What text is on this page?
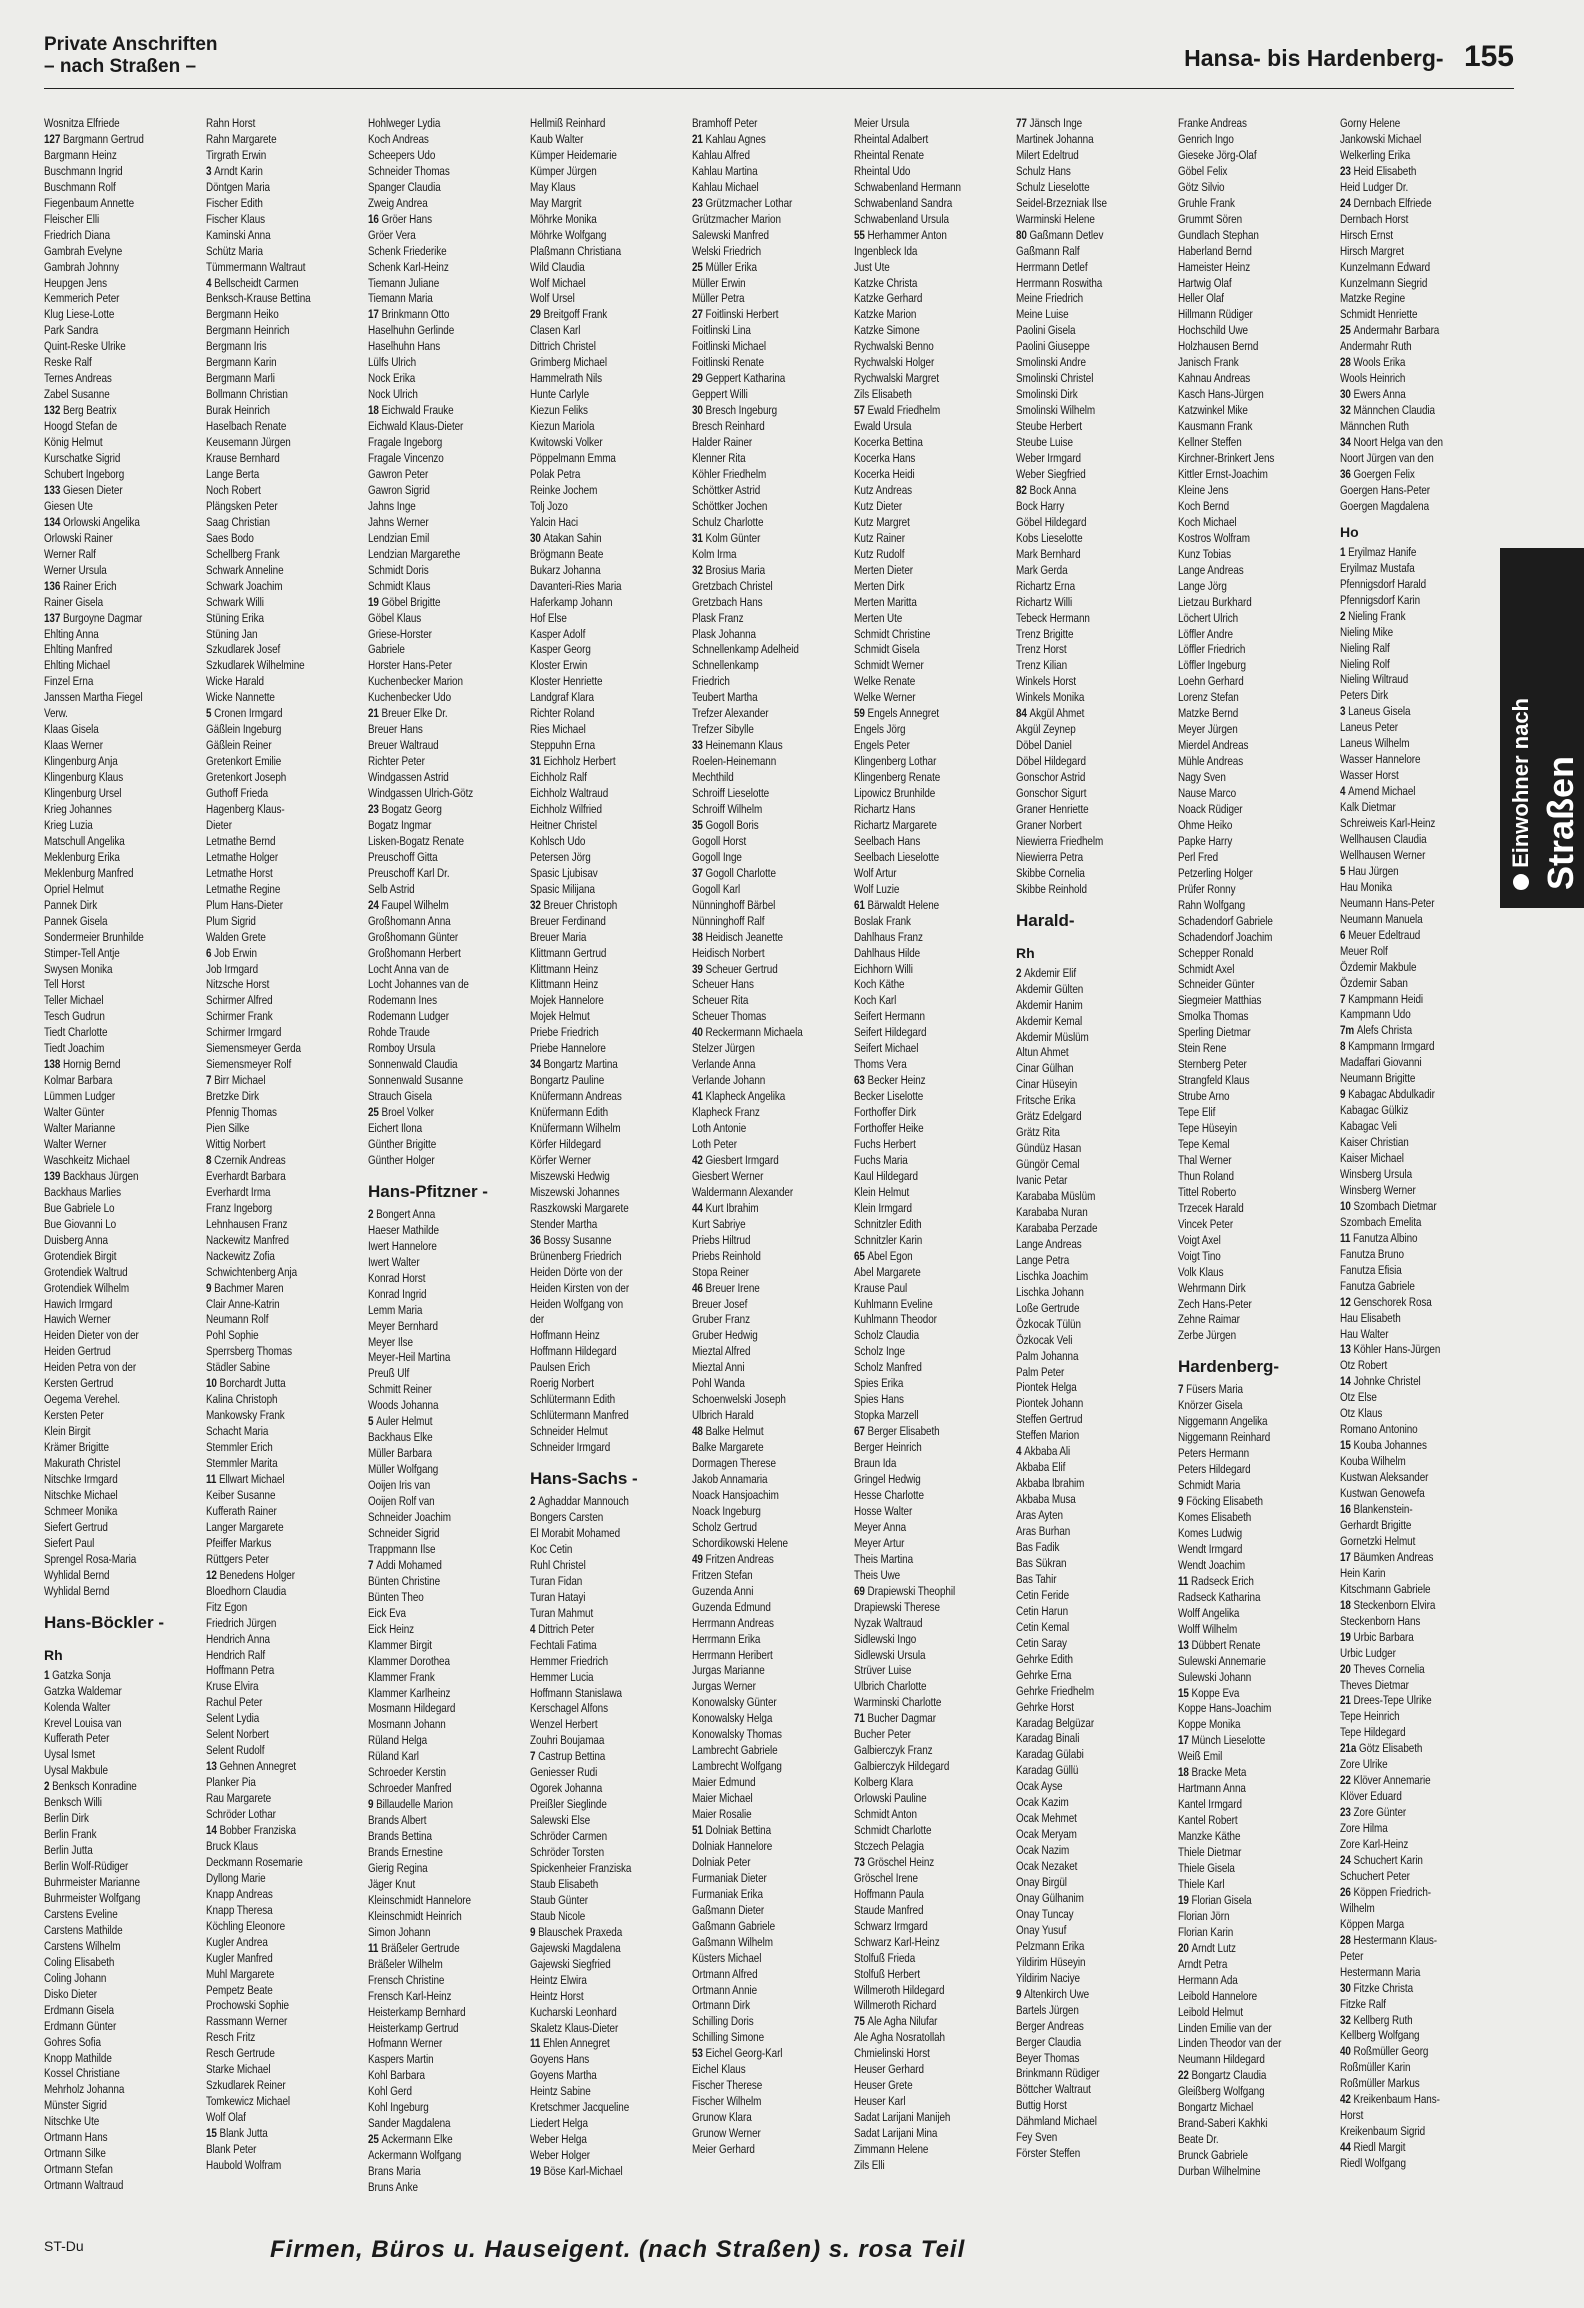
Private Anschriften
– nach Straßen –	Hansa- bis Hardenberg- 155
Wosnitza Elfriede
127 Bargmann Gertrud
Bargmann Heinz
Buschmann Ingrid
Buschmann Rolf
Fiegenbaum Annette
Fleischer Elli
Friedrich Diana
Gambrah Evelyne
Gambrah Johnny
Heupgen Jens
Kemmerich Peter
Klug Liese-Lotte
Park Sandra
Quint-Reske Ulrike
Reske Ralf
Ternes Andreas
Zabel Susanne
132 Berg Beatrix
Hoogd Stefan de
König Helmut
Kurschatke Sigrid
Schubert Ingeborg
133 Giesen Dieter
Giesen Ute
134 Orlowski Angelika
Orlowski Rainer
Werner Ralf
Werner Ursula
136 Rainer Erich
Rainer Gisela
137 Burgoyne Dagmar
Ehlting Anna
Ehlting Manfred
Ehlting Michael
Finzel Erna
Janssen Martha Fiegel
Verw.
Klaas Gisela
Klaas Werner
Klingenburg Anja
Klingenburg Klaus
Klingenburg Ursel
Krieg Johannes
Krieg Luzia
Matschull Angelika
Meklenburg Erika
Meklenburg Manfred
Opriel Helmut
Pannek Dirk
Pannek Gisela
Sondermeier Brunhilde
Stimper-Tell Antje
Swysen Monika
Tell Horst
Teller Michael
Tesch Gudrun
Tiedt Charlotte
Tiedt Joachim
138 Hornig Bernd
Kolmar Barbara
Lümmen Ludger
Walter Günter
Walter Marianne
Walter Werner
Waschkeitz Michael
139 Backhaus Jürgen
Backhaus Marlies
Bue Gabriele Lo
Bue Giovanni Lo
Duisberg Anna
Grotendiek Birgit
Grotendiek Waltrud
Grotendiek Wilhelm
Hawich Irmgard
Hawich Werner
Heiden Dieter von der
Heiden Gertrud
Heiden Petra von der
Kersten Gertrud
Oegema Verehel.
Kersten Peter
Klein Birgit
Krämer Brigitte
Makurath Christel
Nitschke Irmgard
Nitschke Michael
Schmeer Monika
Siefert Gertrud
Siefert Paul
Sprengel Rosa-Maria
Wyhlidal Bernd
Wyhlidal Bernd
Hans-Böckler -
Rh
1 Gatzka Sonja
Gatzka Waldemar
Kolenda Walter
Krevel Louisa van
Kufferath Peter
Uysal Ismet
Uysal Makbule
2 Benksch Konradine
Benksch Willi
Berlin Dirk
Berlin Frank
Berlin Jutta
Berlin Wolf-Rüdiger
Buhrmeister Marianne
Buhrmeister Wolfgang
Carstens Eveline
Carstens Mathilde
Carstens Wilhelm
Coling Elisabeth
Coling Johann
Disko Dieter
Erdmann Gisela
Erdmann Günter
Gohres Sofia
Knopp Mathilde
Kossel Christiane
Mehrholz Johanna
Münster Sigrid
Nitschke Ute
Ortmann Hans
Ortmann Silke
Ortmann Stefan
Ortmann Waltraud
Rahn Horst
Rahn Margarete
Tirgrath Erwin
3 Arndt Karin
Döntgen Maria
Fischer Edith
Fischer Klaus
Kaminski Anna
Schütz Maria
Tümmermann Waltraut
4 Bellscheidt Carmen
Benksch-Krause Bettina
Bergmann Heiko
Bergmann Heinrich
Bergmann Iris
Bergmann Karin
Bergmann Marli
Bollmann Christian
Burak Heinrich
Haselbach Renate
Keusemann Jürgen
Krause Bernhard
Lange Berta
Noch Robert
Plängsken Peter
Saag Christian
Saes Bodo
Schellberg Frank
Schwark Anneline
Schwark Joachim
Schwark Willi
Stüning Erika
Stüning Jan
Szkudlarek Josef
Szkudlarek Wilhelmine
Wicke Harald
Wicke Nannette
5 Cronen Irmgard
Gäßlein Ingeburg
Gäßlein Reiner
Gretenkort Emilie
Gretenkort Joseph
Guthoff Frieda
Hagenberg Klaus-
Dieter
Letmathe Bernd
Letmathe Holger
Letmathe Horst
Letmathe Regine
Plum Hans-Dieter
Plum Sigrid
Walden Grete
6 Job Erwin
Job Irmgard
Nitzsche Horst
Schirmer Alfred
Schirmer Frank
Schirmer Irmgard
Siemensmeyer Gerda
Siemensmeyer Rolf
7 Birr Michael
Bretzke Dirk
Pfennig Thomas
Pien Silke
Wittig Norbert
8 Czernik Andreas
Everhardt Barbara
Everhardt Irma
Franz Ingeborg
Lehnhausen Franz
Nackewitz Manfred
Nackewitz Zofia
Schwichtenberg Anja
9 Bachmer Maren
Clair Anne-Katrin
Neumann Rolf
Pohl Sophie
Sperrsberg Thomas
Städler Sabine
10 Borchardt Jutta
Kalina Christoph
Mankowsky Frank
Schacht Maria
Stemmler Erich
Stemmler Marita
11 Ellwart Michael
Keiber Susanne
Kufferath Rainer
Langer Margarete
Pfeiffer Markus
Rüttgers Peter
12 Benedens Holger
Bloedhorn Claudia
Fitz Egon
Friedrich Jürgen
Hendrich Anna
Hendrich Ralf
Hoffmann Petra
Kruse Elvira
Rachul Peter
Selent Lydia
Selent Norbert
Selent Rudolf
13 Gehnen Annegret
Planker Pia
Rau Margarete
Schröder Lothar
14 Bobber Franziska
Bruck Klaus
Deckmann Rosemarie
Dyllong Marie
Knapp Andreas
Knapp Theresa
Köchling Eleonore
Kugler Andrea
Kugler Manfred
Muhl Margarete
Pempetz Beate
Prochowski Sophie
Rassmann Werner
Resch Fritz
Resch Gertrude
Starke Michael
Szkudlarek Reiner
Tomkewicz Michael
Wolf Olaf
15 Blank Jutta
Blank Peter
Haubold Wolfram
Hohlweger Lydia
Koch Andreas
Scheepers Udo
Schneider Thomas
Spanger Claudia
Zweig Andrea
16 Gröer Hans
Gröer Vera
Schenk Friederike
Schenk Karl-Heinz
Tiemann Juliane
Tiemann Maria
17 Brinkmann Otto
Haselhuhn Gerlinde
Haselhuhn Hans
Lülfs Ulrich
Nock Erika
Nock Ulrich
18 Eichwald Frauke
Eichwald Klaus-Dieter
Fragale Ingeborg
Fragale Vincenzo
Gawron Peter
Gawron Sigrid
Jahns Inge
Jahns Werner
Lendzian Emil
Lendzian Margarethe
Schmidt Doris
Schmidt Klaus
19 Göbel Brigitte
Göbel Klaus
Griese-Horster
Gabriele
Horster Hans-Peter
Kuchenbecker Marion
Kuchenbecker Udo
21 Breuer Elke Dr.
Breuer Hans
Breuer Waltraud
Richter Peter
Windgassen Astrid
Windgassen Ulrich-Götz
23 Bogatz Georg
Bogatz Ingmar
Lisken-Bogatz Renate
Preuschoff Gitta
Preuschoff Karl Dr.
Selb Astrid
24 Faupel Wilhelm
Großhomann Anna
Großhomann Günter
Großhomann Herbert
Locht Anna van de
Locht Johannes van de
Rodemann Ines
Rodemann Ludger
Rohde Traude
Romboy Ursula
Sonnenwald Claudia
Sonnenwald Susanne
Strauch Gisela
25 Broel Volker
Eichert Ilona
Günther Brigitte
Günther Holger
Hans-Pfitzner -
2 Bongert Anna
Haeser Mathilde
Iwert Hannelore
Iwert Walter
Konrad Horst
Konrad Ingrid
Lemm Maria
Meyer Bernhard
Meyer Ilse
Meyer-Heil Martina
Preuß Ulf
Schmitt Reiner
Woods Johanna
5 Auler Helmut
Backhaus Elke
Müller Barbara
Müller Wolfgang
Ooijen Iris van
Ooijen Rolf van
Schneider Joachim
Schneider Sigrid
Trappmann Ilse
7 Addi Mohamed
Bünten Christine
Bünten Theo
Eick Eva
Eick Heinz
Klammer Birgit
Klammer Dorothea
Klammer Frank
Klammer Karlheinz
Mosmann Hildegard
Mosmann Johann
Rüland Helga
Rüland Karl
Schroeder Kerstin
Schroeder Manfred
9 Billaudelle Marion
Brands Albert
Brands Bettina
Brands Ernestine
Gierig Regina
Jäger Knut
Kleinschmidt Hannelore
Kleinschmidt Heinrich
Simon Johann
11 Bräßeler Gertrude
Bräßeler Wilhelm
Frensch Christine
Frensch Karl-Heinz
Heisterkamp Bernhard
Heisterkamp Gertrud
Hofmann Werner
Kaspers Martin
Kohl Barbara
Kohl Gerd
Kohl Ingeburg
Sander Magdalena
25 Ackermann Elke
Ackermann Wolfgang
Brans Maria
Bruns Anke
Hellmiß Reinhard
Kaub Walter
Kümper Heidemarie
Kümper Jürgen
May Klaus
May Margrit
Möhrke Monika
Möhrke Wolfgang
Plaßmann Christiana
Wild Claudia
Wolf Michael
Wolf Ursel
29 Breitgoff Frank
Clasen Karl
Dittrich Christel
Grimberg Michael
Hammelrath Nils
Hunte Carlyle
Kiezun Feliks
Kiezun Mariola
Kwitowski Volker
Pöppelmann Emma
Polak Petra
Reinke Jochem
Tolj Jozo
Yalcin Haci
30 Atakan Sahin
Brögmann Beate
Bukarz Johanna
Davanteri-Ries Maria
Haferkamp Johann
Hof Else
Kasper Adolf
Kasper Georg
Kloster Erwin
Kloster Henriette
Landgraf Klara
Richter Roland
Ries Michael
Steppuhn Erna
31 Eichholz Herbert
Eichholz Ralf
Eichholz Waltraud
Eichholz Wilfried
Heitner Christel
Kohlsch Udo
Petersen Jörg
Spasic Ljubisav
Spasic Milijana
32 Breuer Christoph
Breuer Ferdinand
Breuer Maria
Klittmann Gertrud
Klittmann Heinz
Klittmann Heinz
Mojek Hannelore
Mojek Helmut
Priebe Friedrich
Priebe Hannelore
34 Bongartz Martina
Bongartz Paulinе
Knüfermann Andreas
Knüfermann Edith
Knüfermann Wilhelm
Körfer Hildegard
Körfer Werner
Miszewski Hedwig
Miszewski Johannes
Raszkowski Margarete
Stender Martha
36 Bossy Susanne
Brünenberg Friedrich
Heiden Dörte von der
Heiden Kirsten von der
Heiden Wolfgang von
der
Hoffmann Heinz
Hoffmann Hildegard
Paulsen Erich
Roerig Norbert
Schlütermann Edith
Schlütermann Manfred
Schneider Helmut
Schneider Irmgard
Hans-Sachs -
2 Aghaddar Mannouch
Bongers Carsten
El Morabit Mohamed
Koc Cetin
Ruhl Christel
Turan Fidan
Turan Hatayi
Turan Mahmut
4 Dittrich Peter
Fechtali Fatima
Hemmer Friedrich
Hemmer Lucia
Hoffmann Stanislawa
Kerschagel Alfons
Wenzel Herbert
Zouhri Boujamaa
7 Castrup Bettina
Geniesser Rudi
Ogorek Johanna
Preißler Sieglinde
Salewski Else
Schröder Carmen
Schröder Torsten
Spickenheier Franziska
Staub Elisabeth
Staub Günter
Staub Nicole
9 Blauschek Praxeda
Gajewski Magdalena
Gajewski Siegfried
Heintz Elwira
Heintz Horst
Kucharski Leonhard
Skaletz Klaus-Dieter
11 Ehlen Annegret
Goyens Hans
Goyens Martha
Heintz Sabine
Kretschmer Jacqueline
Liedert Helga
Weber Helga
Weber Holger
19 Böse Karl-Michael
Bramhoff Peter
21 Kahlau Agnes
Kahlau Alfred
Kahlau Martina
Kahlau Michael
23 Grützmacher Lothar
Grützmacher Marion
Salewski Manfred
Welski Friedrich
25 Müller Erika
Müller Erwin
Müller Petra
27 Foitlinski Herbert
Foitlinski Lina
Foitlinski Michael
Foitlinski Renate
29 Geppert Katharina
Geppert Willi
30 Bresch Ingeburg
Bresch Reinhard
Halder Rainer
Klenner Rita
Köhler Friedhelm
Schöttker Astrid
Schöttker Jochen
Schulz Charlotte
31 Kolm Günter
Kolm Irma
32 Brosius Maria
Gretzbach Christel
Gretzbach Hans
Plask Franz
Plask Johanna
Schnellenkamp Adelheid
Schnellenkamp
Friedrich
Teubert Martha
Trefzer Alexander
Trefzer Sibylle
33 Heinemann Klaus
Roelen-Heinemann
Mechthild
Schroiff Lieselotte
Schroiff Wilhelm
35 Gogoll Boris
Gogoll Horst
Gogoll Inge
37 Gogoll Charlotte
Gogoll Karl
Nünninghoff Bärbel
Nünninghoff Ralf
38 Heidisch Jeanette
Heidisch Norbert
39 Scheuer Gertrud
Scheuer Hans
Scheuer Rita
Scheuer Thomas
40 Reckermann Michaela
Stelzer Jürgen
Verlande Anna
Verlande Johann
41 Klapheck Angelika
Klapheck Franz
Loth Antonie
Loth Peter
42 Giesbert Irmgard
Giesbert Werner
Waldermann Alexander
44 Kurt Ibrahim
Kurt Sabriye
Priebs Hiltrud
Priebs Reinhold
Stopa Reiner
46 Breuer Irene
Breuer Josef
Gruber Franz
Gruber Hedwig
Mieztal Alfred
Mieztal Anni
Pohl Wanda
Schoenwelski Joseph
Ulbrich Harald
48 Balke Helmut
Balke Margarete
Dormagen Therese
Jakob Annamaria
Noack Hansjoachim
Noack Ingeburg
Scholz Gertrud
Schordikowski Helene
49 Fritzen Andreas
Fritzen Stefan
Guzenda Anni
Guzenda Edmund
Herrmann Andreas
Herrmann Erika
Herrmann Heribert
Jurgas Marianne
Jurgas Werner
Konowalsky Günter
Konowalsky Helga
Konowalsky Thomas
Lambrecht Gabriele
Lambrecht Wolfgang
Maier Edmund
Maier Michael
Maier Rosalie
51 Dolniak Bettina
Dolniak Hannelore
Dolniak Peter
Furmaniak Dieter
Furmaniak Erika
Gaßmann Dieter
Gaßmann Gabriele
Gaßmann Wilhelm
Küsters Michael
Ortmann Alfred
Ortmann Annie
Ortmann Dirk
Schilling Doris
Schilling Simone
53 Eichel Georg-Karl
Eichel Klaus
Fischer Therese
Fischer Wilhelm
Grunow Klara
Grunow Werner
Meier Gerhard
Meier Ursula
Rheintal Adalbert
Rheintal Renate
Rheintal Udo
Schwabenland Hermann
Schwabenland Sandra
Schwabenland Ursula
55 Herhammer Anton
Ingenbleck Ida
Just Ute
Katzke Christa
Katzke Gerhard
Katzke Marion
Katzke Simone
Rychwalski Benno
Rychwalski Holger
Rychwalski Margret
Zils Elisabeth
57 Ewald Friedhelm
Ewald Ursula
Kocerka Bettina
Kocerka Hans
Kocerka Heidi
Kutz Andreas
Kutz Dieter
Kutz Margret
Kutz Rainer
Kutz Rudolf
Merten Dieter
Merten Dirk
Merten Maritta
Merten Ute
Schmidt Christine
Schmidt Gisela
Schmidt Werner
Welke Renate
Welke Werner
59 Engels Annegret
Engels Jörg
Engels Peter
Klingenberg Lothar
Klingenberg Renate
Lipowicz Brunhilde
Richartz Hans
Richartz Margarete
Seelbach Hans
Seelbach Lieselotte
Wolf Artur
Wolf Luzie
61 Bärwaldt Helene
Boslak Frank
Dahlhaus Franz
Dahlhaus Hilde
Eichhorn Willi
Koch Käthe
Koch Karl
Seifert Hermann
Seifert Hildegard
Seifert Michael
Thoms Vera
63 Becker Heinz
Becker Liselotte
Forthoffer Dirk
Forthoffer Heike
Fuchs Herbert
Fuchs Maria
Kaul Hildegard
Klein Helmut
Klein Irmgard
Schnitzler Edith
Schnitzler Karin
65 Abel Egon
Abel Margarete
Krause Paul
Kuhlmann Eveline
Kuhlmann Theodor
Scholz Claudia
Scholz Inge
Scholz Manfred
Spies Erika
Spies Hans
Stopka Marzell
67 Berger Elisabeth
Berger Heinrich
Braun Ida
Gringel Hedwig
Hesse Charlotte
Hosse Walter
Meyer Anna
Meyer Artur
Theis Martina
Theis Uwe
69 Drapiewski Theophil
Drapiewski Therese
Nyzak Waltraud
Sidlewski Ingo
Sidlewski Ursula
Strüver Luise
Ulbrich Charlotte
Warminski Charlotte
71 Bucher Dagmar
Bucher Peter
Galbierczyk Franz
Galbierczyk Hildegard
Kolberg Klara
Orlowski Pauline
Schmidt Anton
Schmidt Charlotte
Stczech Pelagia
73 Gröschel Heinz
Gröschel Irene
Hoffmann Paula
Staude Manfred
Schwarz Irmgard
Schwarz Karl-Heinz
Stolfuß Frieda
Stolfuß Herbert
Willmeroth Hildegard
Willmeroth Richard
75 Ale Agha Nilufar
Ale Agha Nosratollah
Chmielinski Horst
Heuser Gerhard
Heuser Grete
Heuser Karl
Sadat Larijani Manijeh
Sadat Larijani Mina
Zimmann Helene
Zils Elli
77 Jänsch Inge
Martinek Johanna
Milert Edeltrud
Schulz Hans
Schulz Lieselotte
Seidel-Brzezniak Ilse
Warminski Helene
80 Gaßmann Detlev
Gaßmann Ralf
Herrmann Detlef
Herrmann Roswitha
Meine Friedrich
Meine Luise
Paolini Gisela
Paolini Giuseppe
Smolinski Andre
Smolinski Christel
Smolinski Dirk
Smolinski Wilhelm
Steube Herbert
Steube Luise
Weber Irmgard
Weber Siegfried
82 Bock Anna
Bock Harry
Göbel Hildegard
Kobs Lieselotte
Mark Bernhard
Mark Gerda
Richartz Erna
Richartz Willi
Tebeck Hermann
Trenz Brigitte
Trenz Horst
Trenz Kilian
Winkels Horst
Winkels Monika
84 Akgül Ahmet
Akgül Zeynep
Döbel Daniel
Döbel Hildegard
Gonschor Astrid
Gonschor Sigurt
Graner Henriette
Graner Norbert
Niewierra Friedhelm
Niewierra Petra
Skibbe Cornelia
Skibbe Reinhold
Harald-
Rh
2 Akdemir Elif
Akdemir Gülten
Akdemir Hanim
Akdemir Kemal
Akdemir Müslüm
Altun Ahmet
Cinar Gülhan
Cinar Hüseyin
Fritsche Erika
Grätz Edelgard
Grätz Rita
Gündüz Hasan
Güngör Cemal
Ivanic Petar
Karababa Müslüm
Karababa Nuran
Karababa Perzade
Lange Andreas
Lange Petra
Lischka Joachim
Lischka Johann
Loße Gertrude
Özkocak Tülün
Özkocak Veli
Palm Johanna
Palm Peter
Piontek Helga
Piontek Johann
Steffen Gertrud
Steffen Marion
4 Akbaba Ali
Akbaba Elif
Akbaba Ibrahim
Akbaba Musa
Aras Ayten
Aras Burhan
Bas Fadik
Bas Sükran
Bas Tahir
Cetin Feride
Cetin Harun
Cetin Kemal
Cetin Saray
Gehrke Edith
Gehrke Erna
Gehrke Friedhelm
Gehrke Horst
Karadag Belgüzar
Karadag Binali
Karadag Gülabi
Karadag Güllü
Ocak Ayse
Ocak Kazim
Ocak Mehmet
Ocak Meryam
Ocak Nazim
Ocak Nezaket
Onay Birgül
Onay Gülhanim
Onay Tuncay
Onay Yusuf
Pelzmann Erika
Yildirim Hüseyin
Yildirim Naciye
9 Altenkirch Uwe
Bartels Jürgen
Berger Andreas
Berger Claudia
Beyer Thomas
Brinkmann Rüdiger
Böttcher Waltraut
Buttig Horst
Dähmland Michael
Fey Sven
Förster Steffen
Franke Andreas
Genrich Ingo
Gieseke Jörg-Olaf
Göbel Felix
Götz Silvio
Gruhle Frank
Grummt Sören
Gundlach Stephan
Haberland Bernd
Hameister Heinz
Hartwig Olaf
Heller Olaf
Hillmann Rüdiger
Hochschild Uwe
Holzhausen Bernd
Janisch Frank
Kahnau Andreas
Kasch Hans-Jürgen
Katzwinkel Mike
Kausmann Frank
Kellner Steffen
Kirchner-Brinkert Jens
Kittler Ernst-Joachim
Kleine Jens
Koch Bernd
Koch Michael
Kostros Wolfram
Kunz Tobias
Lange Andreas
Lange Jörg
Lietzau Burkhard
Löchert Ulrich
Löffler Andre
Löffler Friedrich
Löffler Ingeburg
Loehn Gerhard
Lorenz Stefan
Matzke Bernd
Meyer Jürgen
Mierdel Andreas
Mühle Andreas
Nagy Sven
Nause Marco
Noack Rüdiger
Ohme Heiko
Papke Harry
Perl Fred
Petzerling Holger
Prüfer Ronny
Rahn Wolfgang
Schadendorf Gabriele
Schadendorf Joachim
Schepper Ronald
Schmidt Axel
Schneider Günter
Siegmeier Matthias
Smolka Thomas
Sperling Dietmar
Stein Rene
Sternberg Peter
Strangfeld Klaus
Strube Arno
Tepe Elif
Tepe Hüseyin
Tepe Kemal
Thal Werner
Thun Roland
Tittel Roberto
Trzecek Harald
Vincek Peter
Voigt Axel
Voigt Tino
Volk Klaus
Wehrmann Dirk
Zech Hans-Peter
Zehne Raimar
Zerbe Jürgen
Hardenberg-
7 Füsers Maria
Knörzer Gisela
Niggemann Angelika
Niggemann Reinhard
Peters Hermann
Peters Hildegard
Schmidt Maria
9 Föcking Elisabeth
Komes Elisabeth
Komes Ludwig
Wendt Irmgard
Wendt Joachim
11 Radseck Erich
Radseck Katharina
Wolff Angelika
Wolff Wilhelm
13 Dübbert Renate
Sulewski Annemarie
Sulewski Johann
15 Koppe Eva
Koppe Hans-Joachim
Koppe Monika
17 Münch Lieselotte
Weiß Emil
18 Bracke Meta
Hartmann Anna
Kantel Irmgard
Kantel Robert
Manzke Käthe
Thiele Dietmar
Thiele Gisela
Thiele Karl
19 Florian Gisela
Florian Jörn
Florian Karin
20 Arndt Lutz
Arndt Petra
Hermann Ada
Leibold Hannelore
Leibold Helmut
Linden Emilie van der
Linden Theodor van der
Neumann Hildegard
22 Bongartz Claudia
Gleißberg Wolfgang
Bongartz Michael
Brand-Saberi Kakhki
Beate Dr.
Brunck Gabriele
Durban Wilhelmine
Gorny Helene
Jankowski Michael
Welkerling Erika
23 Heid Elisabeth
Heid Ludger Dr.
24 Dernbach Elfriede
Dernbach Horst
Hirsch Ernst
Hirsch Margret
Kunzelmann Edward
Kunzelmann Siegrid
Matzke Regine
Schmidt Henriette
25 Andermahr Barbara
Andermahr Ruth
28 Wools Erika
Wools Heinrich
30 Ewers Anna
32 Männchen Claudia
Männchen Ruth
34 Noort Helga van den
Noort Jürgen van den
36 Goergen Felix
Goergen Hans-Peter
Goergen Magdalena
Ho
1 Eryilmaz Hanife
Eryilmaz Mustafa
Pfennigsdorf Harald
Pfennigsdorf Karin
2 Nieling Frank
Nieling Mike
Nieling Ralf
Nieling Rolf
Nieling Wiltraud
Peters Dirk
3 Laneus Gisela
Laneus Peter
Laneus Wilhelm
Wasser Hannelore
Wasser Horst
4 Amend Michael
Kalk Dietmar
Schreiweis Karl-Heinz
Wellhausen Claudia
Wellhausen Werner
5 Hau Jürgen
Hau Monika
Neumann Hans-Peter
Neumann Manuela
6 Meuer Edeltraud
Meuer Rolf
Özdemir Makbule
Özdemir Saban
7 Kampmann Heidi
Kampmann Udo
7m Alefs Christa
8 Kampmann Irmgard
Madaffari Giovanni
Neumann Brigitte
9 Kabagac Abdulkadir
Kabagac Gülkiz
Kabagac Veli
Kaiser Christian
Kaiser Michael
Winsberg Ursula
Winsberg Werner
10 Szombach Dietmar
Szombach Emelita
11 Fanutza Albino
Fanutza Bruno
Fanutza Efisia
Fanutza Gabriele
12 Genschorek Rosa
Hau Elisabeth
Hau Walter
13 Köhler Hans-Jürgen
Otz Robert
14 Johnke Christel
Otz Else
Otz Klaus
Romano Antonino
15 Kouba Johannes
Kouba Wilhelm
Kustwan Aleksander
Kustwan Genowefa
16 Blankenstein-
Gerhardt Brigitte
Gornetzki Helmut
17 Bäumken Andreas
Hein Karin
Kitschmann Gabriele
18 Steckenborn Elvira
Steckenborn Hans
19 Urbic Barbara
Urbic Ludger
20 Theves Cornelia
Theves Dietmar
21 Drees-Tepe Ulrike
Tepe Heinrich
Tepe Hildegard
21a Götz Elisabeth
Zore Ulrike
22 Klöver Annemarie
Klöver Eduard
23 Zore Günter
Zore Hilma
Zore Karl-Heinz
24 Schuchert Karin
Schuchert Peter
26 Köppen Friedrich-
Wilhelm
Köppen Marga
28 Hestermann Klaus-
Peter
Hestermann Maria
30 Fitzke Christa
Fitzke Ralf
32 Kellberg Ruth
Kellberg Wolfgang
40 Roßmüller Georg
Roßmüller Karin
Roßmüller Markus
42 Kreikenbaum Hans-
Horst
Kreikenbaum Sigrid
44 Riedl Margit
Riedl Wolfgang
Einwohner nach Straßen
ST-Du	Firmen, Büros u. Hauseigent. (nach Straßen) s. rosa Teil
